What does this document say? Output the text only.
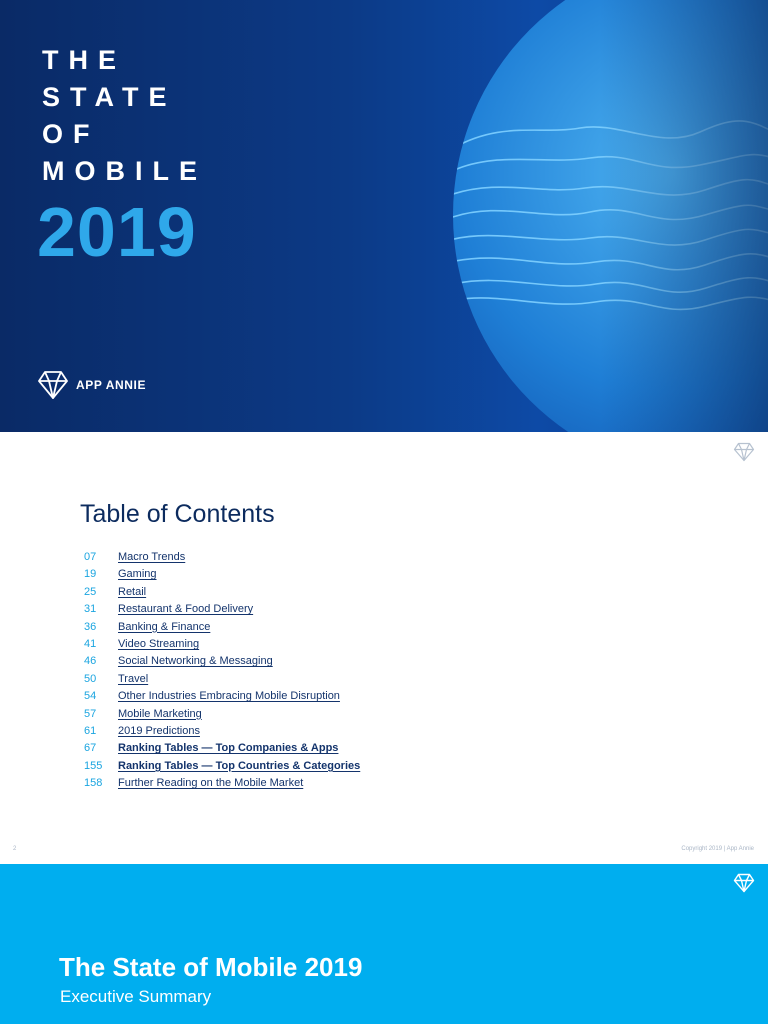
THE
STATE
OF
MOBILE
2019
APP ANNIE
Table of Contents
07	Macro Trends
19	Gaming
25	Retail
31	Restaurant & Food Delivery
36	Banking & Finance
41	Video Streaming
46	Social Networking & Messaging
50	Travel
54	Other Industries Embracing Mobile Disruption
57	Mobile Marketing
61	2019 Predictions
67	Ranking Tables — Top Companies & Apps
155	Ranking Tables — Top Countries & Categories
158	Further Reading on the Mobile Market
2	Copyright 2019 | App Annie
The State of Mobile 2019
Executive Summary
